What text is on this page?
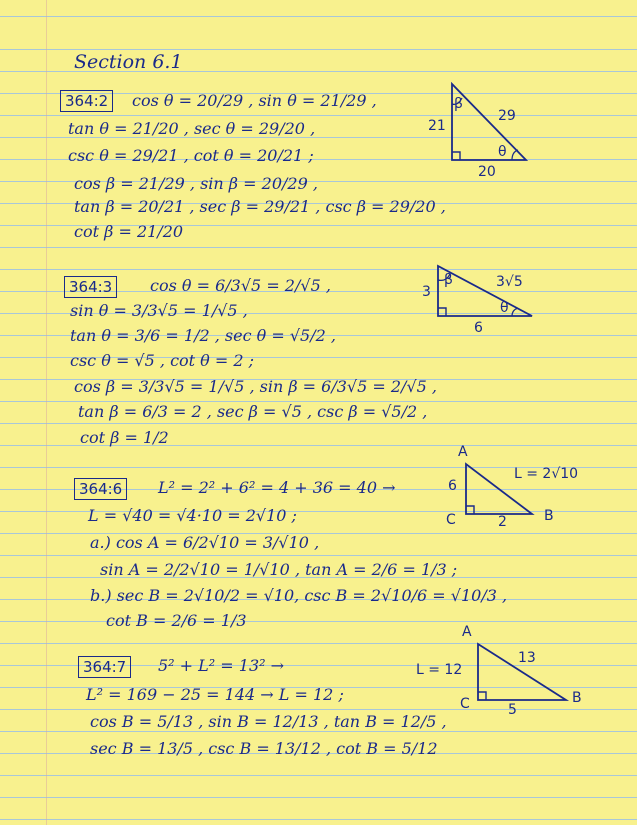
Section 6.1
364:2	cos θ = 20/29 , sin θ = 21/29 ,
tan θ = 21/20 , sec θ = 29/20 ,
csc θ = 29/21 , cot θ = 20/21 ;
cos β = 21/29 , sin β = 20/29 ,
tan β = 20/21 , sec β = 29/21 , csc β = 29/20 ,
cot β = 21/20
21
29
20
β
θ
364:3	cos θ = 6/3√5 = 2/√5 ,
sin θ = 3/3√5 = 1/√5 ,
tan θ = 3/6 = 1/2 , sec θ = √5/2 ,
csc θ = √5 , cot θ = 2 ;
cos β = 3/3√5 = 1/√5 , sin β = 6/3√5 = 2/√5 ,
tan β = 6/3 = 2 , sec β = √5 , csc β = √5/2 ,
cot β = 1/2
3
3√5
6
β
θ
364:6	L² = 2² + 6² = 4 + 36 = 40 →
L = √40 = √4·10 = 2√10 ;
a.) cos A = 6/2√10 = 3/√10 ,
sin A = 2/2√10 = 1/√10 , tan A = 2/6 = 1/3 ;
b.) sec B = 2√10/2 = √10, csc B = 2√10/6 = √10/3 ,
cot B = 2/6 = 1/3
A
6
L = 2√10
2
C	B
364:7	5² + L² = 13² →
L² = 169 − 25 = 144 → L = 12 ;
cos B = 5/13 , sin B = 12/13 , tan B = 12/5 ,
sec B = 13/5 , csc B = 13/12 , cot B = 5/12
A
L = 12
13
5
C	B
